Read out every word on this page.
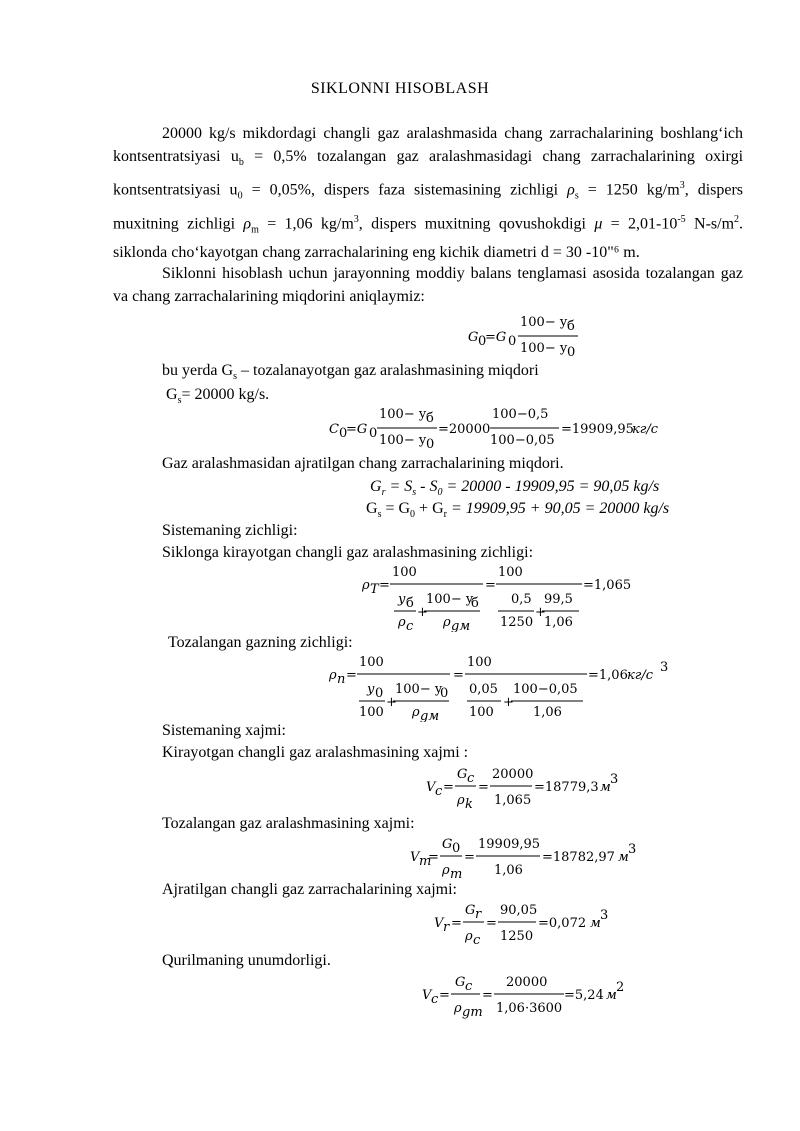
SIKLONNI HISOBLASH
20000 kg/s mikdordagi changli gaz aralashmasida chang zarrachalarining boshlang‘ich kontsentratsiyasi $u_b = 0,5\%$ tozalangan gaz aralashmasidagi chang zarrachalarining oxirgi kontsentratsiyasi $u_0 = 0,05\%$, dispers faza sistemasining zichligi $\rho_s = 1250$ $kg/m^3$, dispers muxitning zichligi $\rho_m = 1,06$ $kg/m^3$, dispers muxitning qovushokdigi $\mu = 2,01-10^{-5}$ $N-s/m^2$. siklonda cho‘kayotgan chang zarrachalarining eng kichik diametri d = 30 -10"⁶ m.
Siklonni hisoblash uchun jarayonning moddiy balans tenglamasi asosida tozalangan gaz va chang zarrachalarining miqdorini aniqlaymiz:
G 0
=G 0
100− y б
100− y 0
bu yerda $G_s$ – tozalanayotgan gaz aralashmasining miqdori
$G_s= 20000$ kg/s.
C 0
=G 0
100− y б
100− y 0
=20000
100−0,5
100−0,05
=19909,95
кг/c
Gaz aralashmasidan ajratilgan chang zarrachalarining miqdori.
$G_r = S_s - S_0 = 20000 - 19909,95 = 90,05$ kg/s
$G_s = G_0 + G_r = 19909,95 + 90,05 = 20000$ kg/s
Sistemaning zichligi:
Siklonga kirayotgan changli gaz aralashmasining zichligi:
ρ T =
100
y б
ρ c
+
100− y
б
ρ gм
=
100
0,5
1250
+
99,5
1,06
=1,065
Tozalangan gazning zichligi:
ρ n =
100
y 0
100
+
100− y
0
ρ gм
=
100
0,05
100
+
100−0,05
1,06
=1,06 кг/c
3
Sistemaning xajmi:
Kirayotgan changli gaz aralashmasining xajmi :
V c =
G c
ρ k
=
20000
1,065
=18779,3 м
3
Tozalangan gaz aralashmasining xajmi:
V m
=
G 0
ρ m
=
19909,95
1,06
=18782,97 м
3
Ajratilgan changli gaz zarrachalarining xajmi:
V r =
G r
ρ c
=
90,05
1250
=0,072 м
3
Qurilmaning unumdorligi.
V c =
G c
ρ gm
=
20000
1,06·3600
=5,24 м
2
